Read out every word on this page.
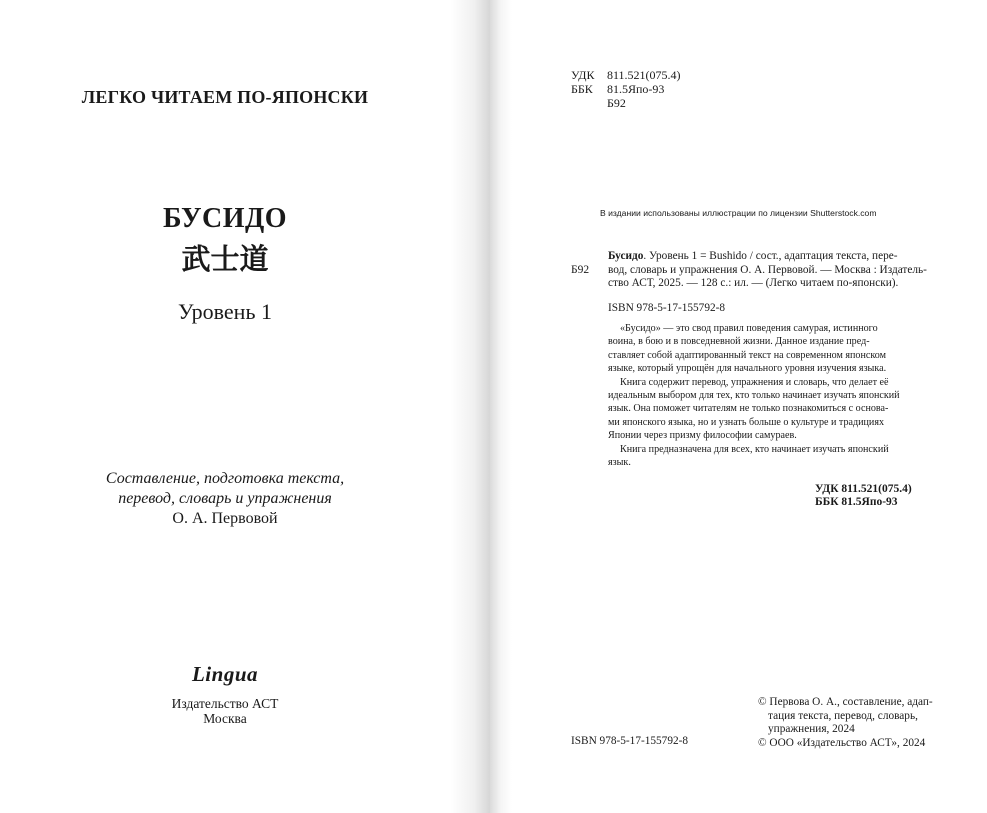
ЛЕГКО ЧИТАЕМ ПО-ЯПОНСКИ
БУСИДО
武士道
Уровень 1
Составление, подготовка текста,
перевод, словарь и упражнения
О. А. Первовой
Lingua
Издательство АСТ
Москва
УДК 811.521(075.4)
ББК 81.5Япо-93
Б92
В издании использованы иллюстрации по лицензии Shutterstock.com
Б92
Бусидо. Уровень 1 = Bushido / сост., адаптация текста, пере-
вод, словарь и упражнения О. А. Первовой. — Москва : Издатель-
ство АСТ, 2025. — 128 с.: ил. — (Легко читаем по-японски).
ISBN 978-5-17-155792-8
«Бусидо» — это свод правил поведения самурая, истинного
воина, в бою и в повседневной жизни. Данное издание пред-
ставляет собой адаптированный текст на современном японском
языке, который упрощён для начального уровня изучения языка.
Книга содержит перевод, упражнения и словарь, что делает её
идеальным выбором для тех, кто только начинает изучать японский
язык. Она поможет читателям не только познакомиться с основа-
ми японского языка, но и узнать больше о культуре и традициях
Японии через призму философии самураев.
Книга предназначена для всех, кто начинает изучать японский
язык.
УДК 811.521(075.4)
ББК 81.5Япо-93
ISBN 978-5-17-155792-8
© Первова О. А., составление, адап-
тация текста, перевод, словарь,
упражнения, 2024
© ООО «Издательство АСТ», 2024
